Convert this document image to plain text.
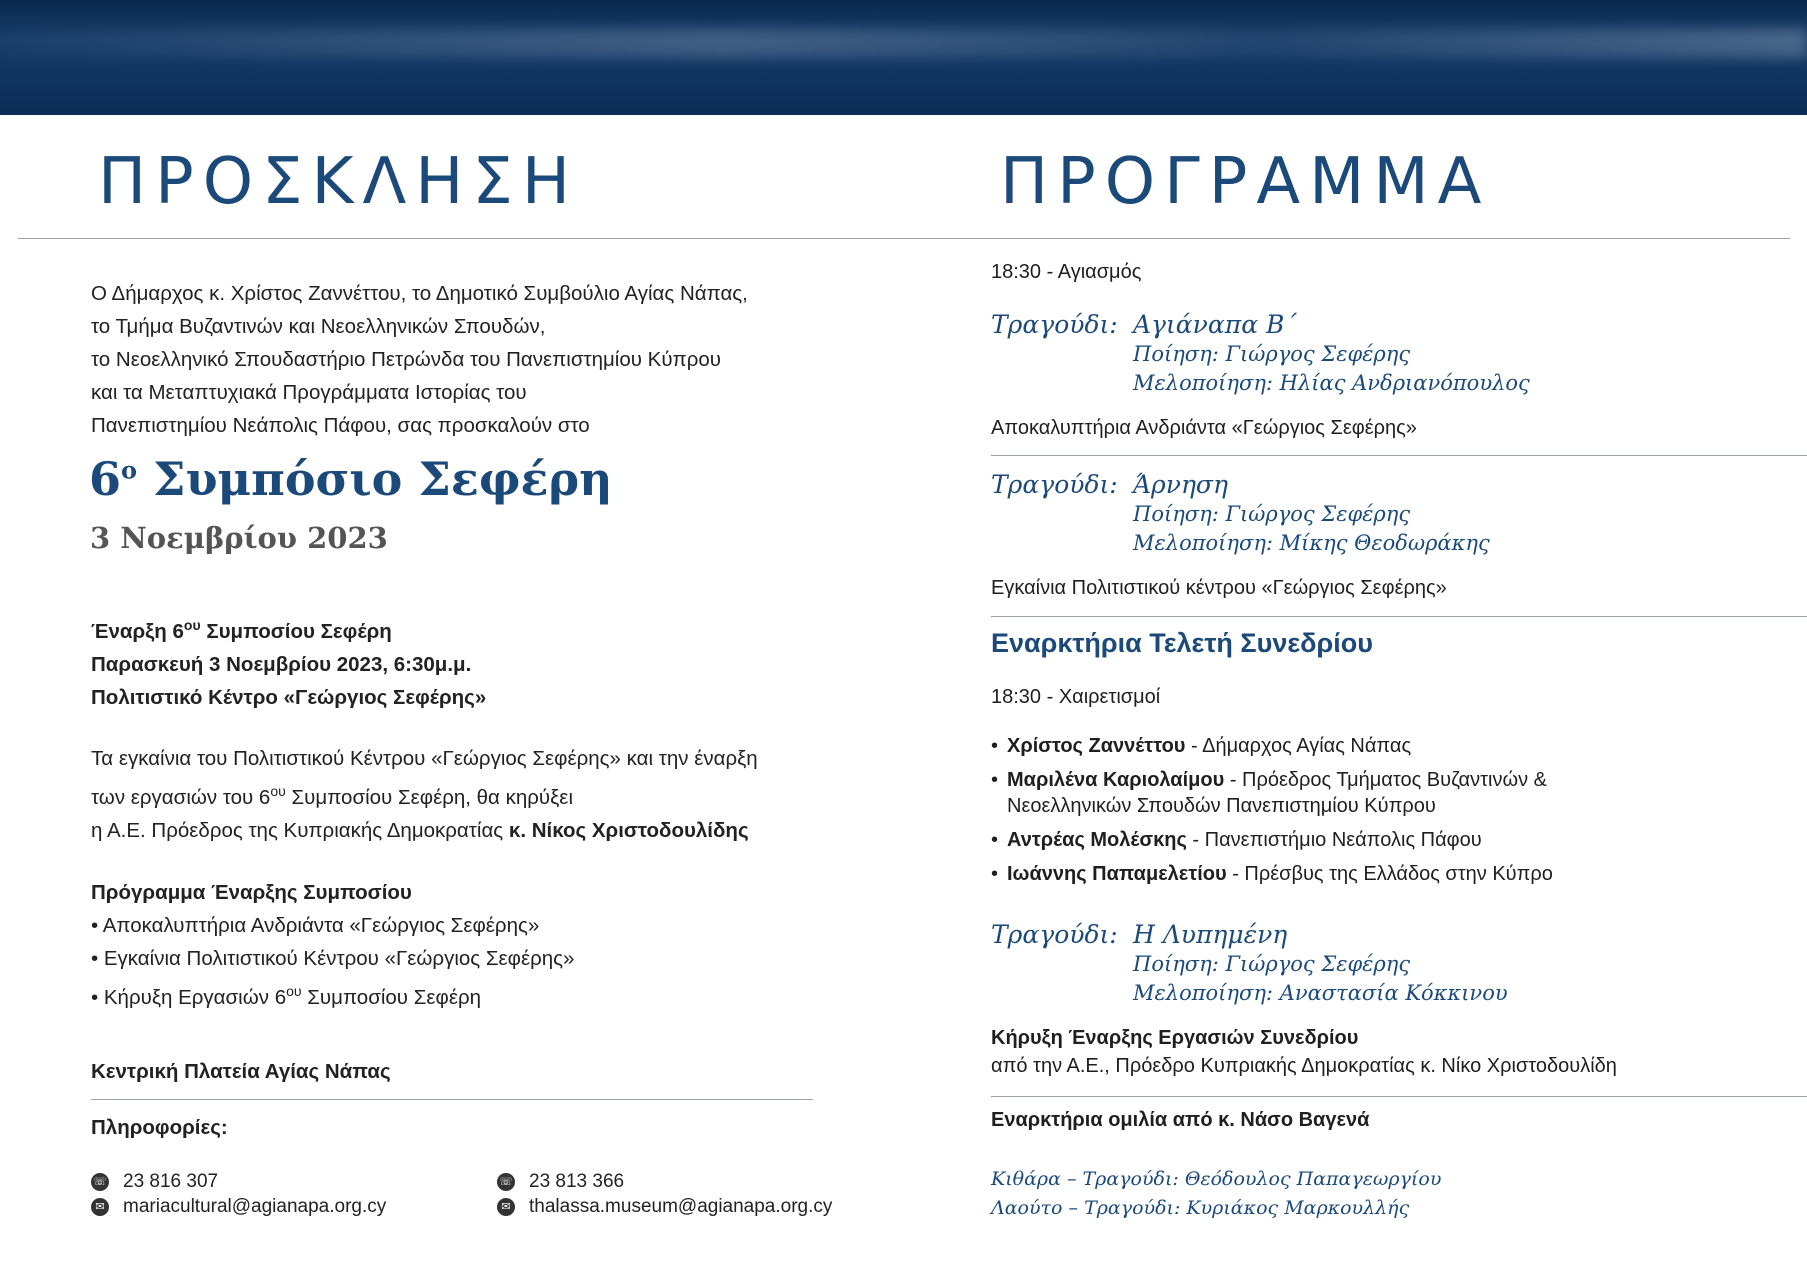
ΠΡΟΣΚΛΗΣΗ	ΠΡΟΓΡΑΜΜΑ
Ο Δήμαρχος κ. Χρίστος Ζαννέττου, το Δημοτικό Συμβούλιο Αγίας Νάπας,
το Τμήμα Βυζαντινών και Νεοελληνικών Σπουδών,
το Νεοελληνικό Σπουδαστήριο Πετρώνδα του Πανεπιστημίου Κύπρου
και τα Μεταπτυχιακά Προγράμματα Ιστορίας του
Πανεπιστημίου Νεάπολις Πάφου, σας προσκαλούν στο
$6^o$ Συμπόσιο Σεφέρη
3 Νοεμβρίου 2023
Έναρξη $6^{o\upsilon}$ Συμποσίου Σεφέρη
Παρασκευή 3 Νοεμβρίου 2023, 6:30μ.μ.
Πολιτιστικό Κέντρο «Γεώργιος Σεφέρης»
Τα εγκαίνια του Πολιτιστικού Κέντρου «Γεώργιος Σεφέρης» και την έναρξη
των εργασιών του $6^{o\upsilon}$ Συμποσίου Σεφέρη, θα κηρύξει
η Α.Ε. Πρόεδρος της Κυπριακής Δημοκρατίας κ. Νίκος Χριστοδουλίδης
Πρόγραμμα Έναρξης Συμποσίου
• Αποκαλυπτήρια Ανδριάντα «Γεώργιος Σεφέρης»
• Εγκαίνια Πολιτιστικού Κέντρου «Γεώργιος Σεφέρης»
• Κήρυξη Εργασιών $6^{o\upsilon}$ Συμποσίου Σεφέρη
Κεντρική Πλατεία Αγίας Νάπας
Πληροφορίες:
☏ 23 816 307
✉ mariacultural@agianapa.org.cy
☏ 23 813 366
✉ thalassa.museum@agianapa.org.cy

18:30 - Αγιασμός

Τραγούδι: Αγιάναπα Β΄
Ποίηση: Γιώργος Σεφέρης
Μελοποίηση: Ηλίας Ανδριανόπουλος

Αποκαλυπτήρια Ανδριάντα «Γεώργιος Σεφέρης»

Τραγούδι: Άρνηση
Ποίηση: Γιώργος Σεφέρης
Μελοποίηση: Μίκης Θεοδωράκης

Εγκαίνια Πολιτιστικού κέντρου «Γεώργιος Σεφέρης»

Εναρκτήρια Τελετή Συνεδρίου

18:30 - Χαιρετισμοί

• Χρίστος Ζαννέττου - Δήμαρχος Αγίας Νάπας
• Μαριλένα Καριολαίμου - Πρόεδρος Τμήματος Βυζαντινών &
Νεοελληνικών Σπουδών Πανεπιστημίου Κύπρου
• Αντρέας Μολέσκης - Πανεπιστήμιο Νεάπολις Πάφου
• Ιωάννης Παπαμελετίου - Πρέσβυς της Ελλάδος στην Κύπρο
Τραγούδι: Η Λυπημένη
Ποίηση: Γιώργος Σεφέρης
Μελοποίηση: Αναστασία Κόκκινου

Κήρυξη Έναρξης Εργασιών Συνεδρίου

από την Α.Ε., Πρόεδρο Κυπριακής Δημοκρατίας κ. Νίκο Χριστοδουλίδη

Εναρκτήρια ομιλία από κ. Νάσο Βαγενά

Κιθάρα – Τραγούδι: Θεόδουλος Παπαγεωργίου
Λαούτο – Τραγούδι: Κυριάκος Μαρκουλλής
